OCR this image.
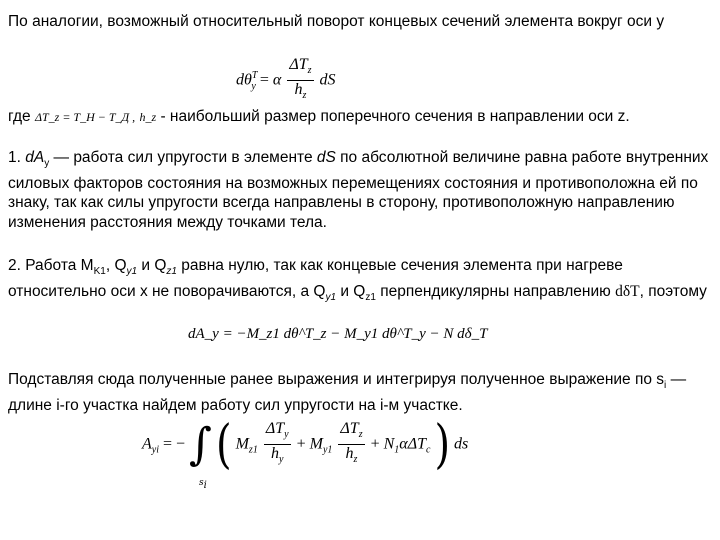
По аналогии, возможный относительный поворот концевых сечений элемента вокруг оси y

$d\theta^T_y = \alpha \frac{\Delta T_z}{h_z}$ dS

где ΔT_z = T_H − T_Д , h_z - наибольший размер поперечного сечения в направлении оси z.

1. $dA_y$ — работа сил упругости в элементе dS по абсолютной величине равна работе внутренних силовых факторов состояния на возможных перемещениях состояния и противоположна ей по знаку, так как силы упругости всегда направлены в сторону, противоположную направлению изменения расстояния между точками тела.

2. Работа $M_{K1}$, $Q_{y1}$ и $Q_{z1}$ равна нулю, так как концевые сечения элемента при нагреве относительно оси х не поворачиваются, а $Q_{y1}$ и $Q_{z1}$ перпендикулярны направлению dδT, поэтому

dA_y = −M_z1 dθ^T_z − M_y1 dθ^T_y − N dδ_T

Подставляя сюда полученные ранее выражения и интегрируя полученное выражение по $s_i$ —длине i-го участка найдем работу сил упругости на i-м участке.

$A_{yi}$ = − ∫
$s_i$
( $M_{z1} \frac{\Delta T_y}{h_y} + M_{y1} \frac{\Delta T_z}{h_z} + N_1\alpha\Delta T_c$ ) ds
